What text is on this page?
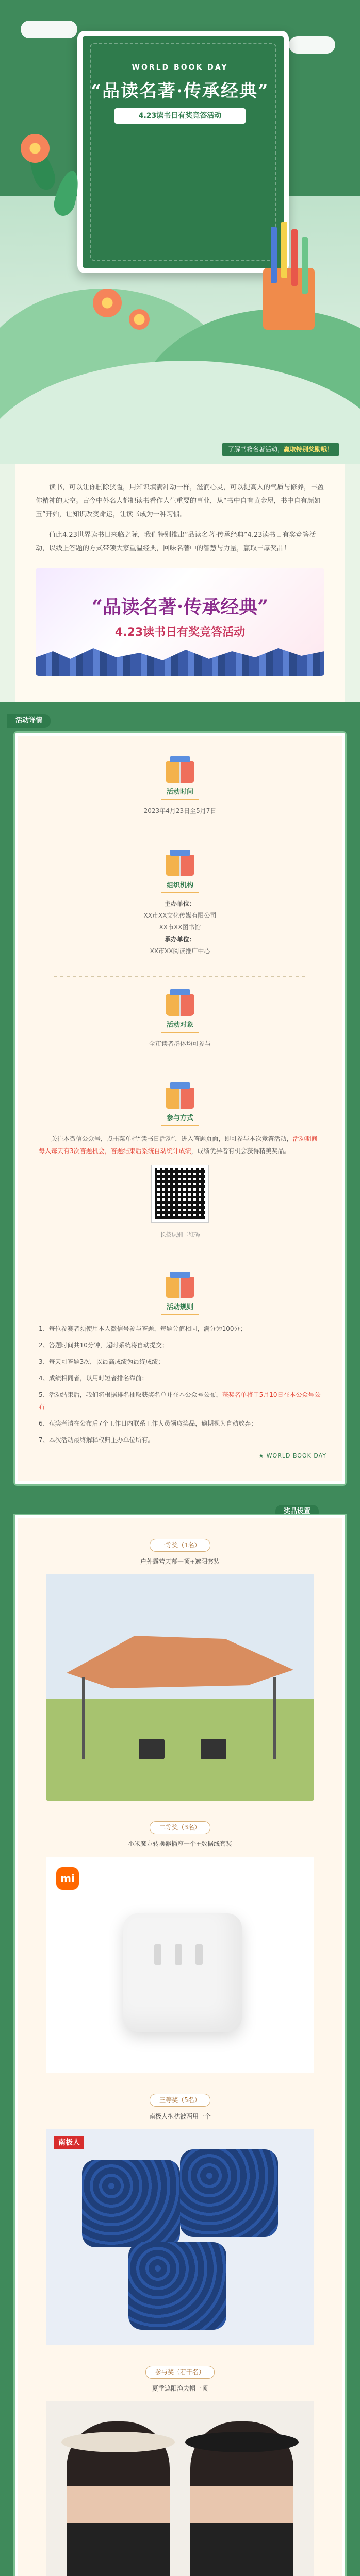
WORLD BOOK DAY
“品读名著·传承经典”
4.23读书日有奖竞答活动
了解书籍名著活动，赢取特别奖励哦！

读书，可以让你删除狭隘，用知识填满冲动一样，滋润心灵，可以提高人的气质与修养，丰盈你精神的天空。古今中外名人都把读书看作人生重要的事业，从“书中自有黄金屋，书中自有颜如玉”开始，让知识改变命运，让读书成为一种习惯。

值此4.23世界读书日来临之际，我们特别推出“品读名著·传承经典”4.23读书日有奖竞答活动，以线上答题的方式带领大家重温经典，回味名著中的智慧与力量，赢取丰厚奖品！

“品读名著·传承经典”
4.23读书日有奖竞答活动
活动详情
活动时间
2023年4月23日至5月7日
组织机构
主办单位：
XX市XX文化传媒有限公司
XX市XX图书馆
承办单位：
XX市XX阅读推广中心
活动对象
全市读者群体均可参与
参与方式

关注本微信公众号，点击菜单栏“读书日活动”，进入答题页面，即可参与本次竞答活动，活动期间每人每天有3次答题机会，答题结束后系统自动统计成绩，成绩优异者有机会获得精美奖品。

长按识别二维码
活动规则
1、每位参赛者须使用本人微信号参与答题，每题分值相同，满分为100分；
2、答题时间共10分钟，超时系统将自动提交；
3、每天可答题3次，以最高成绩为最终成绩；
4、成绩相同者，以用时短者排名靠前；
5、活动结束后，我们将根据排名抽取获奖名单并在本公众号公布，获奖名单将于5月10日在本公众号公布
6、获奖者请在公布后7个工作日内联系工作人员领取奖品，逾期视为自动放弃；
7、本次活动最终解释权归主办单位所有。
★ WORLD BOOK DAY
奖品设置
一等奖（1名）
户外露营天幕一顶+遮阳套装
二等奖（3名）
小米魔方转换器插座一个+数据线套装
mi
三等奖（5名）
南极人抱枕被两用一个
南极人
参与奖（若干名）
夏季遮阳渔夫帽一顶
